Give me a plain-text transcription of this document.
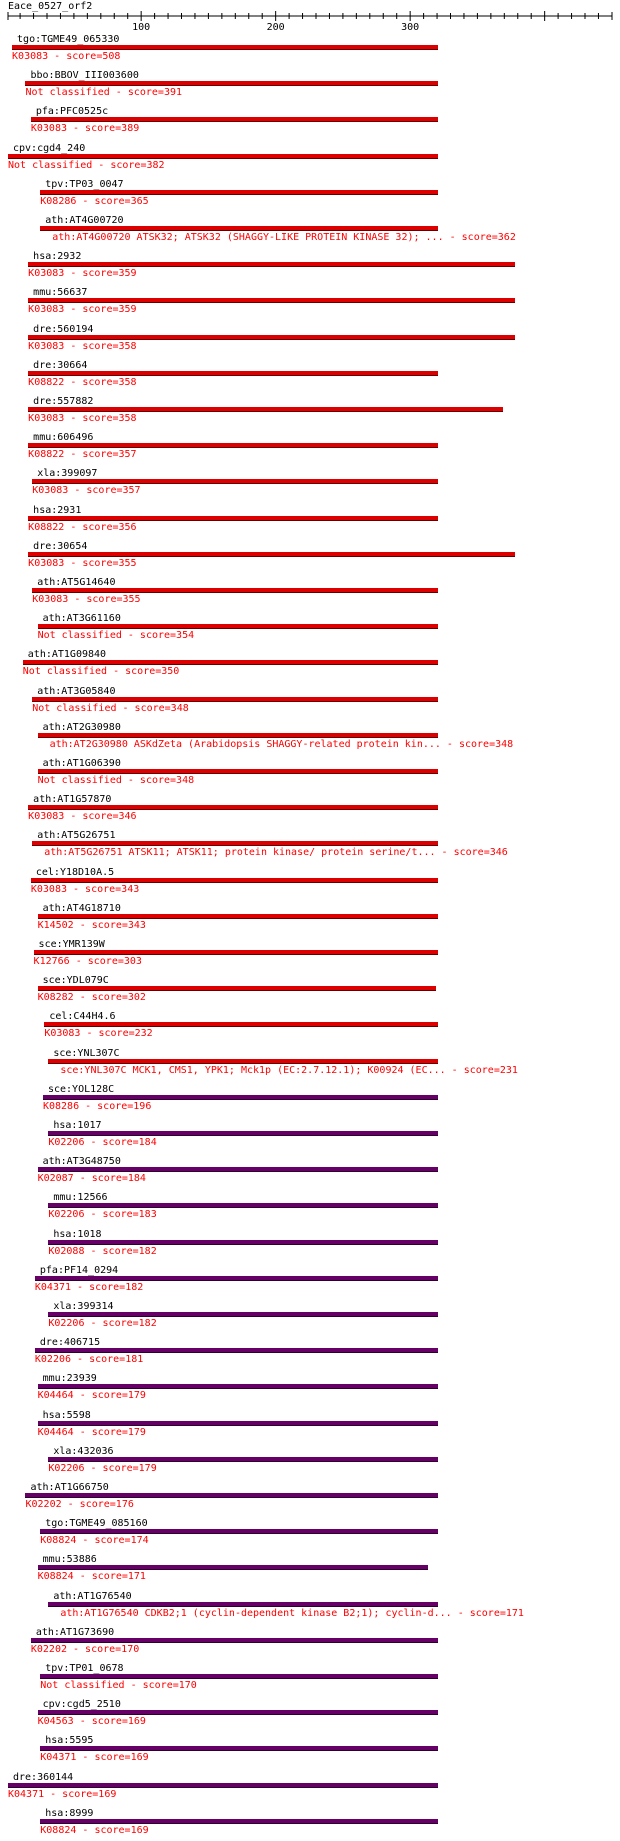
Eace_0527_orf2
100	200	300
tgo:TGME49_065330
K03083 - score=508
bbo:BBOV_III003600
Not classified - score=391
pfa:PFC0525c
K03083 - score=389
cpv:cgd4_240
Not classified - score=382
tpv:TP03_0047
K08286 - score=365
ath:AT4G00720
ath:AT4G00720 ATSK32; ATSK32 (SHAGGY-LIKE PROTEIN KINASE 32); ... - score=362
hsa:2932
K03083 - score=359
mmu:56637
K03083 - score=359
dre:560194
K03083 - score=358
dre:30664
K08822 - score=358
dre:557882
K03083 - score=358
mmu:606496
K08822 - score=357
xla:399097
K03083 - score=357
hsa:2931
K08822 - score=356
dre:30654
K03083 - score=355
ath:AT5G14640
K03083 - score=355
ath:AT3G61160
Not classified - score=354
ath:AT1G09840
Not classified - score=350
ath:AT3G05840
Not classified - score=348
ath:AT2G30980
ath:AT2G30980 ASKdZeta (Arabidopsis SHAGGY-related protein kin... - score=348
ath:AT1G06390
Not classified - score=348
ath:AT1G57870
K03083 - score=346
ath:AT5G26751
ath:AT5G26751 ATSK11; ATSK11; protein kinase/ protein serine/t... - score=346
cel:Y18D10A.5
K03083 - score=343
ath:AT4G18710
K14502 - score=343
sce:YMR139W
K12766 - score=303
sce:YDL079C
K08282 - score=302
cel:C44H4.6
K03083 - score=232
sce:YNL307C
sce:YNL307C MCK1, CMS1, YPK1; Mck1p (EC:2.7.12.1); K00924 (EC... - score=231
sce:YOL128C
K08286 - score=196
hsa:1017
K02206 - score=184
ath:AT3G48750
K02087 - score=184
mmu:12566
K02206 - score=183
hsa:1018
K02088 - score=182
pfa:PF14_0294
K04371 - score=182
xla:399314
K02206 - score=182
dre:406715
K02206 - score=181
mmu:23939
K04464 - score=179
hsa:5598
K04464 - score=179
xla:432036
K02206 - score=179
ath:AT1G66750
K02202 - score=176
tgo:TGME49_085160
K08824 - score=174
mmu:53886
K08824 - score=171
ath:AT1G76540
ath:AT1G76540 CDKB2;1 (cyclin-dependent kinase B2;1); cyclin-d... - score=171
ath:AT1G73690
K02202 - score=170
tpv:TP01_0678
Not classified - score=170
cpv:cgd5_2510
K04563 - score=169
hsa:5595
K04371 - score=169
dre:360144
K04371 - score=169
hsa:8999
K08824 - score=169
